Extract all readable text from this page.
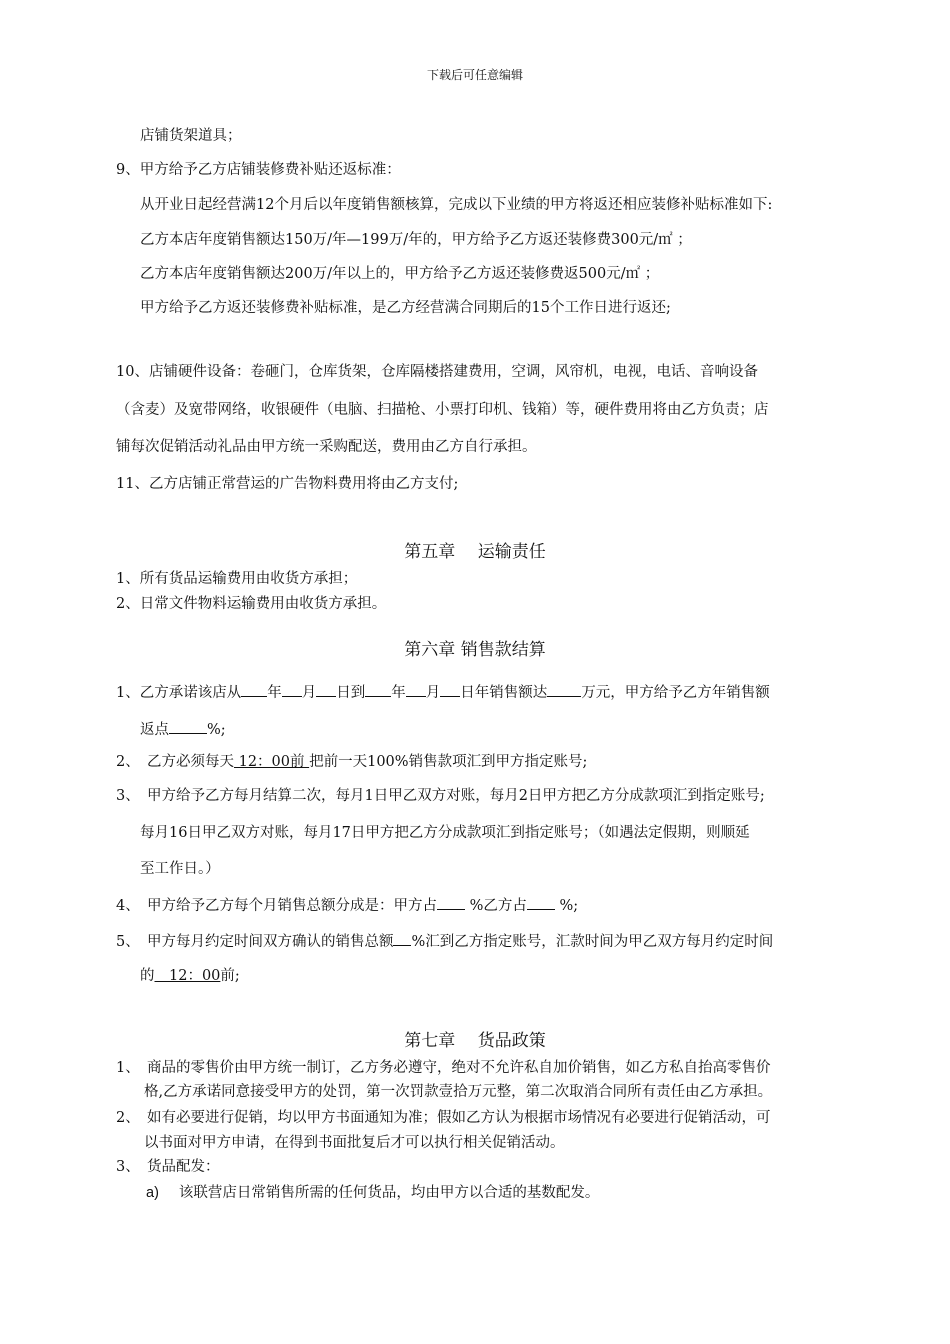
下载后可任意编辑
店铺货架道具；
9、甲方给予乙方店铺装修费补贴还返标准：
从开业日起经营满12个月后以年度销售额核算，完成以下业绩的甲方将返还相应装修补贴标准如下:
乙方本店年度销售额达150万/年—199万/年的，甲方给予乙方返还装修费300元/㎡ ；
乙方本店年度销售额达200万/年以上的，甲方给予乙方返还装修费返500元/㎡ ；
甲方给予乙方返还装修费补贴标准，是乙方经营满合同期后的15个工作日进行返还;
10、店铺硬件设备：卷砸门，仓库货架，仓库隔楼搭建费用，空调，风帘机，电视，电话、音响设备
（含麦）及宽带网络，收银硬件（电脑、扫描枪、小票打印机、钱箱）等，硬件费用将由乙方负责；店
铺每次促销活动礼品由甲方统一采购配送，费用由乙方自行承担。
11、乙方店铺正常营运的广告物料费用将由乙方支付;
第五章　 运输责任
1、所有货品运输费用由收货方承担；
2、日常文件物料运输费用由收货方承担。
第六章 销售款结算
1、乙方承诺该店从 年 月 日到 年 月 日年销售额达 万元，甲方给予乙方年销售额
返点	%;
2、　乙方必须每天 12：00前 把前一天100%销售款项汇到甲方指定账号;
3、　甲方给予乙方每月结算二次，每月1日甲乙双方对账，每月2日甲方把乙方分成款项汇到指定账号;
每月16日甲乙双方对账，每月17日甲方把乙方分成款项汇到指定账号；（如遇法定假期，则顺延
至工作日。）
4、　甲方给予乙方每个月销售总额分成是：甲方占 %乙方占 %;
5、　甲方每月约定时间双方确认的销售总额 %汇到乙方指定账号，汇款时间为甲乙双方每月约定时间
的　12：00前;
第七章　 货品政策
1、　商品的零售价由甲方统一制订，乙方务必遵守，绝对不允许私自加价销售，如乙方私自抬高零售价
格,乙方承诺同意接受甲方的处罚，第一次罚款壹拾万元整，第二次取消合同所有责任由乙方承担。
2、　如有必要进行促销，均以甲方书面通知为准；假如乙方认为根据市场情况有必要进行促销活动，可
以书面对甲方申请，在得到书面批复后才可以执行相关促销活动。
3、　货品配发：
a) 该联营店日常销售所需的任何货品，均由甲方以合适的基数配发。
